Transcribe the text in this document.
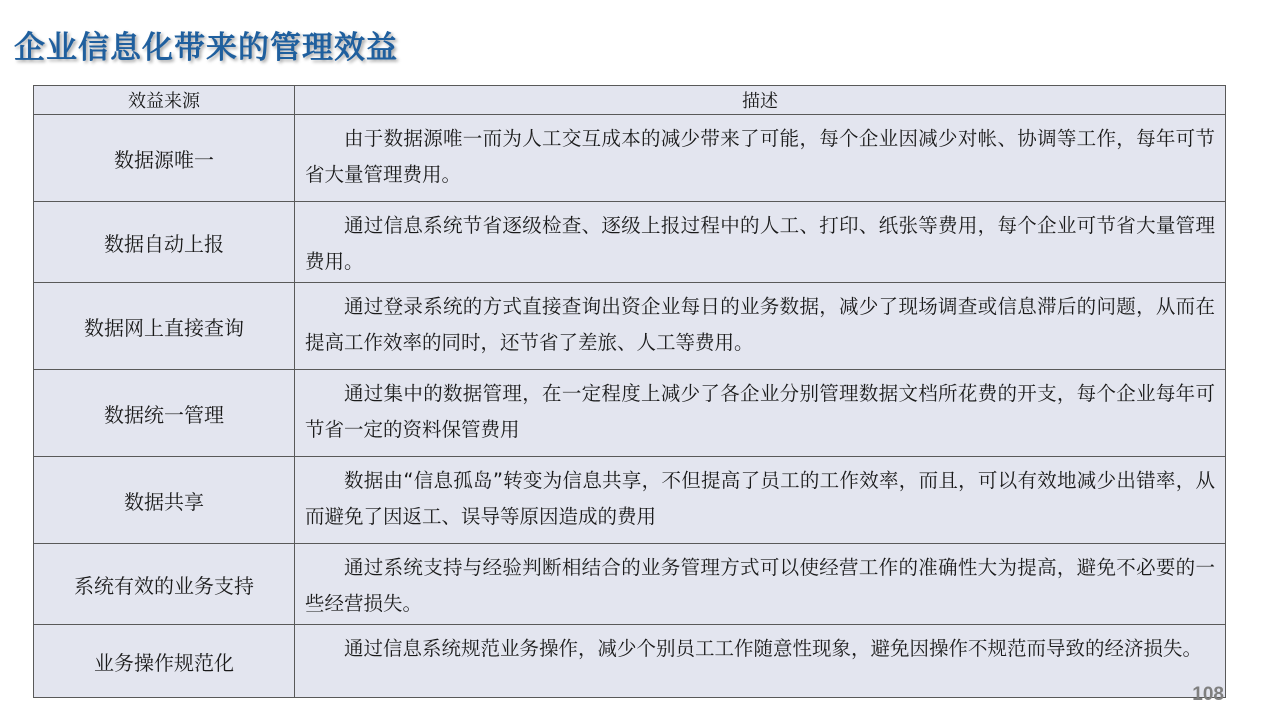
企业信息化带来的管理效益
效益来源	描述
数据源唯一	由于数据源唯一而为人工交互成本的减少带来了可能，每个企业因减少对帐、协调等工作，每年可节省大量管理费用。
数据自动上报	通过信息系统节省逐级检查、逐级上报过程中的人工、打印、纸张等费用，每个企业可节省大量管理费用。
数据网上直接查询	通过登录系统的方式直接查询出资企业每日的业务数据，减少了现场调查或信息滞后的问题，从而在提高工作效率的同时，还节省了差旅、人工等费用。
数据统一管理	通过集中的数据管理，在一定程度上减少了各企业分别管理数据文档所花费的开支，每个企业每年可节省一定的资料保管费用
数据共享	数据由“信息孤岛”转变为信息共享，不但提高了员工的工作效率，而且，可以有效地减少出错率，从而避免了因返工、误导等原因造成的费用
系统有效的业务支持	通过系统支持与经验判断相结合的业务管理方式可以使经营工作的准确性大为提高，避免不必要的一些经营损失。
业务操作规范化	通过信息系统规范业务操作，减少个别员工工作随意性现象，避免因操作不规范而导致的经济损失。
108
